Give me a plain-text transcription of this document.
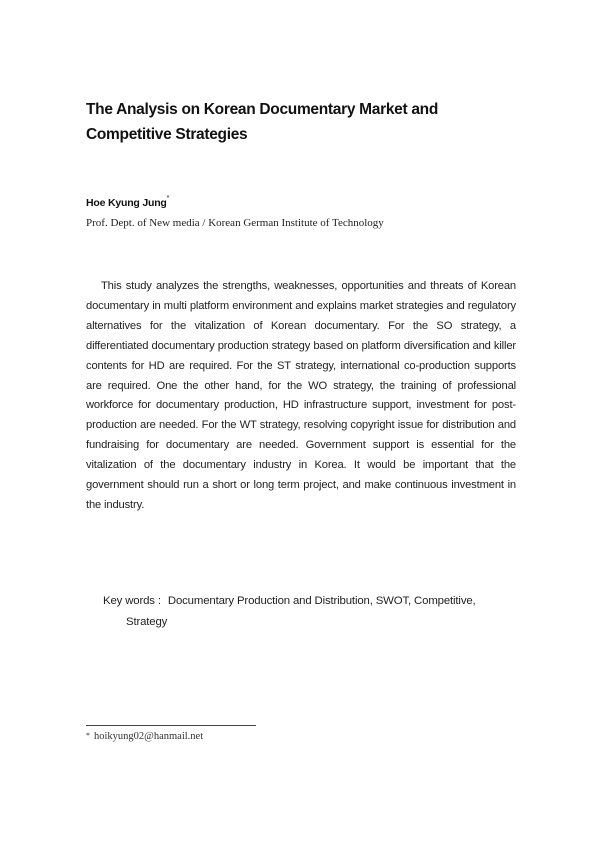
The Analysis on Korean Documentary Market and Competitive Strategies
Hoe Kyung Jung*
Prof. Dept. of New media / Korean German Institute of Technology

This study analyzes the strengths, weaknesses, opportunities and threats of Korean documentary in multi platform environment and explains market strategies and regulatory alternatives for the vitalization of Korean documentary. For the SO strategy, a differentiated documentary production strategy based on platform diversification and killer contents for HD are required. For the ST strategy, international co-production supports are required. One the other hand, for the WO strategy, the training of professional workforce for documentary production, HD infrastructure support, investment for post-production are needed. For the WT strategy, resolving copyright issue for distribution and fundraising for documentary are needed. Government support is essential for the vitalization of the documentary industry in Korea. It would be important that the government should run a short or long term project, and make continuous investment in the industry.

Key words : Documentary Production and Distribution, SWOT, Competitive,
Strategy
* hoikyung02@hanmail.net
